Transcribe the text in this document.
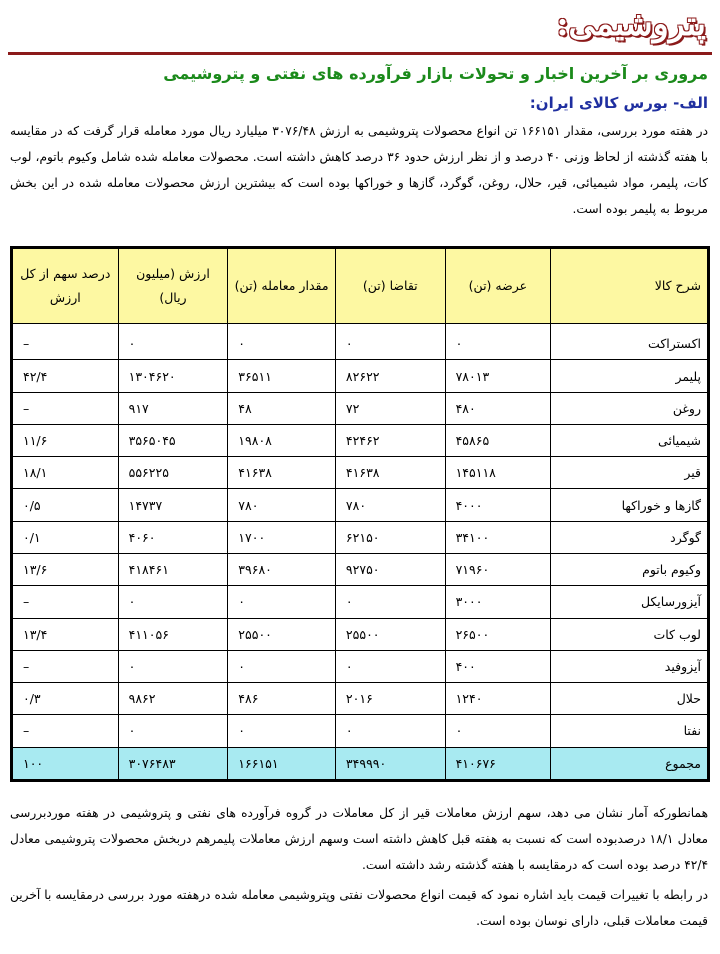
پتروشیمی:
مروری بر آخرین اخبار و تحولات بازار فرآورده های نفتی و پتروشیمی
الف- بورس کالای ایران:
در هفته مورد بررسی، مقدار ۱۶۶۱۵۱ تن انواع محصولات پتروشیمی به ارزش ۳۰۷۶/۴۸ میلیارد ریال مورد معامله قرار گرفت که در مقایسه با هفته گذشته از لحاظ وزنی ۴۰ درصد و از نظر ارزش حدود ۳۶ درصد کاهش داشته است. محصولات معامله شده شامل وکیوم باتوم، لوب کات، پلیمر، مواد شیمیائی، قیر، حلال، روغن، گوگرد، گازها و خوراکها بوده است که بیشترین ارزش محصولات معامله شده در این بخش مربوط به پلیمر بوده است.
شرح کالا	عرضه (تن)	تقاضا (تن)	مقدار معامله (تن)	ارزش (میلیون ریال)	درصد سهم از کل ارزش
اکستراکت	۰	۰	۰	۰	–
پلیمر	۷۸۰۱۳	۸۲۶۲۲	۳۶۵۱۱	۱۳۰۴۶۲۰	۴۲/۴
روغن	۴۸۰	۷۲	۴۸	۹۱۷	–
شیمیائی	۴۵۸۶۵	۴۲۴۶۲	۱۹۸۰۸	۳۵۶۵۰۴۵	۱۱/۶
قیر	۱۴۵۱۱۸	۴۱۶۳۸	۴۱۶۳۸	۵۵۶۲۲۵	۱۸/۱
گازها و خوراکها	۴۰۰۰	۷۸۰	۷۸۰	۱۴۷۳۷	۰/۵
گوگرد	۳۴۱۰۰	۶۲۱۵۰	۱۷۰۰	۴۰۶۰	۰/۱
وکیوم باتوم	۷۱۹۶۰	۹۲۷۵۰	۳۹۶۸۰	۴۱۸۴۶۱	۱۳/۶
آیزورسایکل	۳۰۰۰	۰	۰	۰	–
لوب کات	۲۶۵۰۰	۲۵۵۰۰	۲۵۵۰۰	۴۱۱۰۵۶	۱۳/۴
آیزوفید	۴۰۰	۰	۰	۰	–
حلال	۱۲۴۰	۲۰۱۶	۴۸۶	۹۸۶۲	۰/۳
نفتا	۰	۰	۰	۰	–
مجموع	۴۱۰۶۷۶	۳۴۹۹۹۰	۱۶۶۱۵۱	۳۰۷۶۴۸۳	۱۰۰
همانطورکه آمار نشان می دهد، سهم ارزش معاملات قیر از کل معاملات در گروه فرآورده های نفتی و پتروشیمی در هفته موردبررسی معادل ۱۸/۱ درصدبوده است که نسبت به هفته قبل کاهش داشته است وسهم ارزش معاملات پلیمرهم دربخش محصولات پتروشیمی معادل ۴۲/۴ درصد بوده است که درمقایسه با هفته گذشته رشد داشته است.
در رابطه با تغییرات قیمت باید اشاره نمود که قیمت انواع محصولات نفتی وپتروشیمی معامله شده درهفته مورد بررسی درمقایسه با آخرین قیمت معاملات قبلی، دارای نوسان بوده است.
